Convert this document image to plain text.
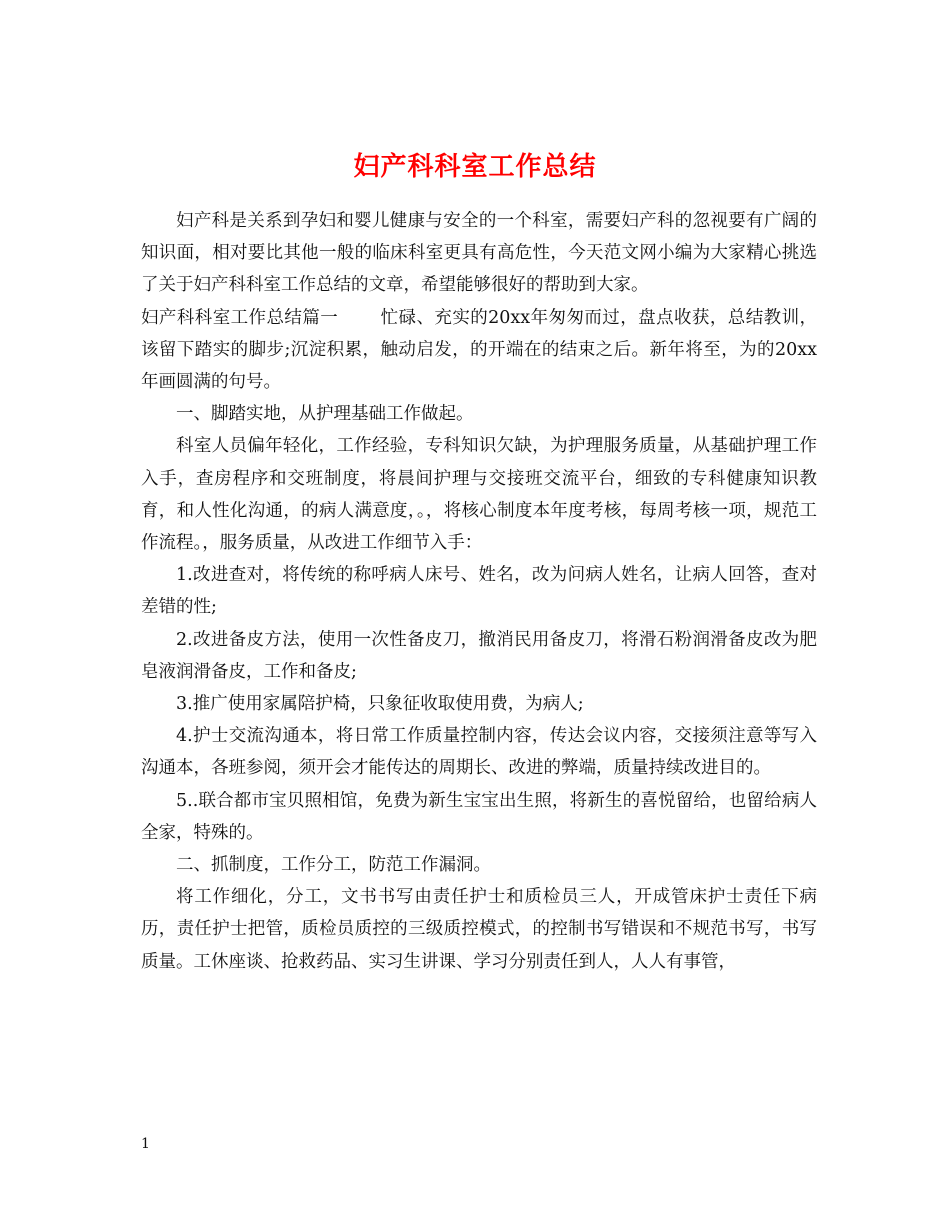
妇产科科室工作总结

妇产科是关系到孕妇和婴儿健康与安全的一个科室，需要妇产科的忽视要有广阔的知识面，相对要比其他一般的临床科室更具有高危性，今天范文网小编为大家精心挑选了关于妇产科科室工作总结的文章，希望能够很好的帮助到大家。

妇产科科室工作总结篇一 忙碌、充实的20xx年匆匆而过，盘点收获，总结教训，该留下踏实的脚步;沉淀积累，触动启发，的开端在的结束之后。新年将至，为的20xx年画圆满的句号。

一、脚踏实地，从护理基础工作做起。

科室人员偏年轻化，工作经验，专科知识欠缺，为护理服务质量，从基础护理工作入手，查房程序和交班制度，将晨间护理与交接班交流平台，细致的专科健康知识教育，和人性化沟通，的病人满意度，。，将核心制度本年度考核，每周考核一项，规范工作流程。，服务质量，从改进工作细节入手：

1.改进查对，将传统的称呼病人床号、姓名，改为问病人姓名，让病人回答，查对差错的性;

2.改进备皮方法，使用一次性备皮刀，撤消民用备皮刀，将滑石粉润滑备皮改为肥皂液润滑备皮，工作和备皮;

3.推广使用家属陪护椅，只象征收取使用费，为病人;

4.护士交流沟通本，将日常工作质量控制内容，传达会议内容，交接须注意等写入沟通本，各班参阅，须开会才能传达的周期长、改进的弊端，质量持续改进目的。

5..联合都市宝贝照相馆，免费为新生宝宝出生照，将新生的喜悦留给，也留给病人全家，特殊的。

二、抓制度，工作分工，防范工作漏洞。

将工作细化，分工，文书书写由责任护士和质检员三人，开成管床护士责任下病历，责任护士把管，质检员质控的三级质控模式，的控制书写错误和不规范书写，书写质量。工休座谈、抢救药品、实习生讲课、学习分别责任到人，人人有事管，

1
